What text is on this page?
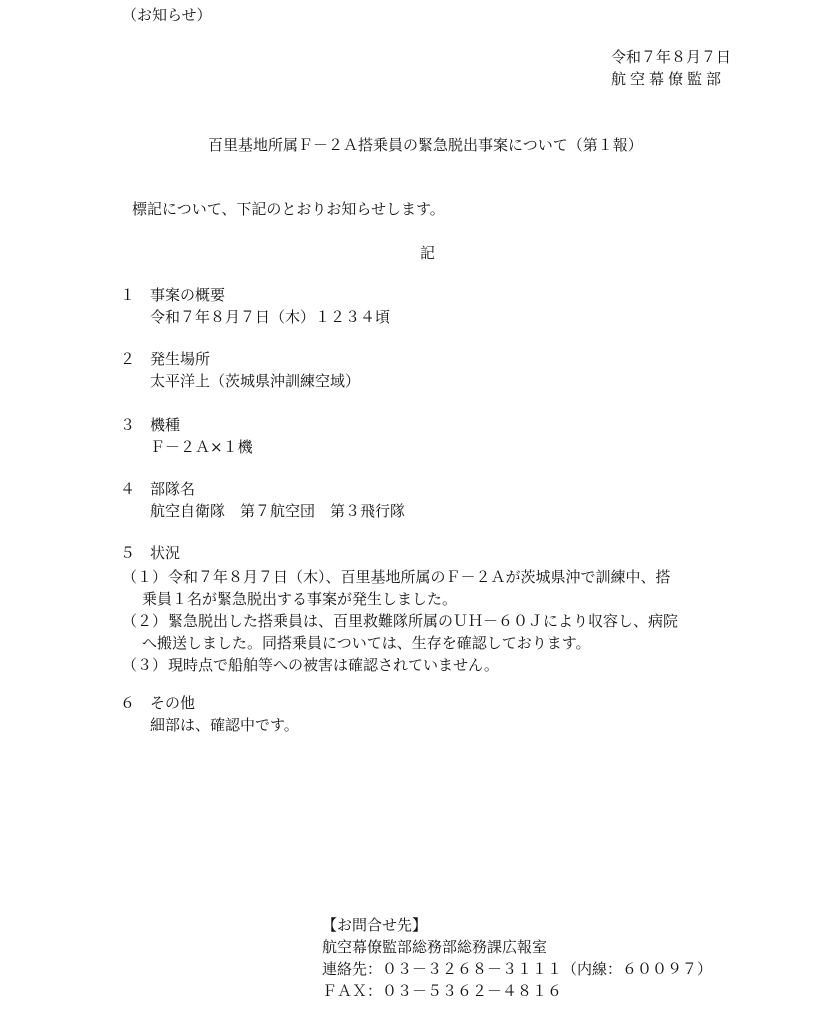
（お知らせ）
令和７年８月７日
航空幕僚監部
百里基地所属Ｆ－２Ａ搭乗員の緊急脱出事案について（第１報）
標記について、下記のとおりお知らせします。
記
１ 事案の概要
令和７年８月７日（木）１２３４頃
２ 発生場所
太平洋上（茨城県沖訓練空域）
３ 機種
Ｆ－２Ａ×１機
４ 部隊名
航空自衛隊　第７航空団　第３飛行隊
５ 状況
（１） 令和７年８月７日（木）、百里基地所属のＦ－２Ａが茨城県沖で訓練中、搭
乗員１名が緊急脱出する事案が発生しました。
（２） 緊急脱出した搭乗員は、百里救難隊所属のＵＨ－６０Ｊにより収容し、病院
へ搬送しました。同搭乗員については、生存を確認しております。
（３） 現時点で船舶等への被害は確認されていません。
６ その他
細部は、確認中です。
【お問合せ先】
航空幕僚監部総務部総務課広報室
連絡先：０３－３２６８－３１１１（内線：６００９７）
ＦＡＸ：０３－５３６２－４８１６
